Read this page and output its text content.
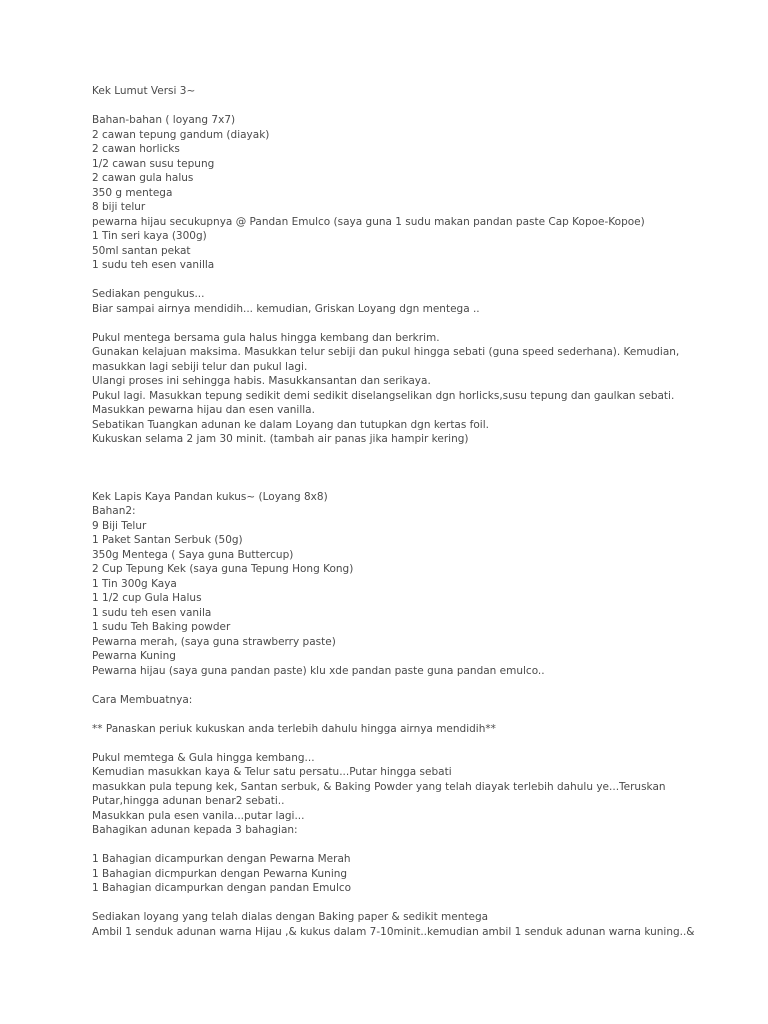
Kek Lumut Versi 3~
Bahan-bahan ( loyang 7x7)
2 cawan tepung gandum (diayak)
2 cawan horlicks
1/2 cawan susu tepung
2 cawan gula halus
350 g mentega
8 biji telur
pewarna hijau secukupnya @ Pandan Emulco (saya guna 1 sudu makan pandan paste Cap Kopoe-Kopoe)
1 Tin seri kaya (300g)
50ml santan pekat
1 sudu teh esen vanilla
Sediakan pengukus...
Biar sampai airnya mendidih... kemudian, Griskan Loyang dgn mentega ..
Pukul mentega bersama gula halus hingga kembang dan berkrim.
Gunakan kelajuan maksima. Masukkan telur sebiji dan pukul hingga sebati (guna speed sederhana). Kemudian,
masukkan lagi sebiji telur dan pukul lagi.
Ulangi proses ini sehingga habis. Masukkansantan dan serikaya.
Pukul lagi. Masukkan tepung sedikit demi sedikit diselangselikan dgn horlicks,susu tepung dan gaulkan sebati.
Masukkan pewarna hijau dan esen vanilla.
Sebatikan Tuangkan adunan ke dalam Loyang dan tutupkan dgn kertas foil.
Kukuskan selama 2 jam 30 minit. (tambah air panas jika hampir kering)
Kek Lapis Kaya Pandan kukus~ (Loyang 8x8)
Bahan2:
9 Biji Telur
1 Paket Santan Serbuk (50g)
350g Mentega ( Saya guna Buttercup)
2 Cup Tepung Kek (saya guna Tepung Hong Kong)
1 Tin 300g Kaya
1 1/2 cup Gula Halus
1 sudu teh esen vanila
1 sudu Teh Baking powder
Pewarna merah, (saya guna strawberry paste)
Pewarna Kuning
Pewarna hijau (saya guna pandan paste) klu xde pandan paste guna pandan emulco..
Cara Membuatnya:
** Panaskan periuk kukuskan anda terlebih dahulu hingga airnya mendidih**
Pukul memtega & Gula hingga kembang...
Kemudian masukkan kaya & Telur satu persatu...Putar hingga sebati
masukkan pula tepung kek, Santan serbuk, & Baking Powder yang telah diayak terlebih dahulu ye...Teruskan
Putar,hingga adunan benar2 sebati..
Masukkan pula esen vanila...putar lagi...
Bahagikan adunan kepada 3 bahagian:
1 Bahagian dicampurkan dengan Pewarna Merah
1 Bahagian dicmpurkan dengan Pewarna Kuning
1 Bahagian dicampurkan dengan pandan Emulco
Sediakan loyang yang telah dialas dengan Baking paper & sedikit mentega
Ambil 1 senduk adunan warna Hijau ,& kukus dalam 7-10minit..kemudian ambil 1 senduk adunan warna kuning..&
